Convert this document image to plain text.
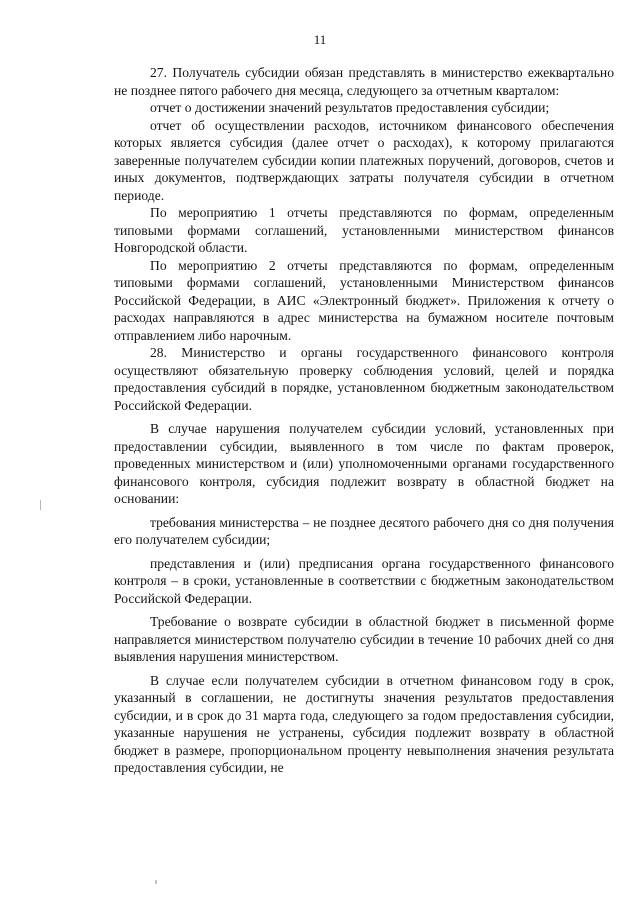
11

27. Получатель субсидии обязан представлять в министерство ежеквартально не позднее пятого рабочего дня месяца, следующего за отчетным кварталом:

отчет о достижении значений результатов предоставления субсидии;

отчет об осуществлении расходов, источником финансового обеспечения которых является субсидия (далее отчет о расходах), к которому прилагаются заверенные получателем субсидии копии платежных поручений, договоров, счетов и иных документов, подтверждающих затраты получателя субсидии в отчетном периоде.

По мероприятию 1 отчеты представляются по формам, определенным типовыми формами соглашений, установленными министерством финансов Новгородской области.

По мероприятию 2 отчеты представляются по формам, определенным типовыми формами соглашений, установленными Министерством финансов Российской Федерации, в АИС «Электронный бюджет». Приложения к отчету о расходах направляются в адрес министерства на бумажном носителе почтовым отправлением либо нарочным.

28. Министерство и органы государственного финансового контроля осуществляют обязательную проверку соблюдения условий, целей и порядка предоставления субсидий в порядке, установленном бюджетным законодательством Российской Федерации.

В случае нарушения получателем субсидии условий, установленных при предоставлении субсидии, выявленного в том числе по фактам проверок, проведенных министерством и (или) уполномоченными органами государственного финансового контроля, субсидия подлежит возврату в областной бюджет на основании:

требования министерства – не позднее десятого рабочего дня со дня получения его получателем субсидии;

представления и (или) предписания органа государственного финансового контроля – в сроки, установленные в соответствии с бюджетным законодательством Российской Федерации.

Требование о возврате субсидии в областной бюджет в письменной форме направляется министерством получателю субсидии в течение 10 рабочих дней со дня выявления нарушения министерством.

В случае если получателем субсидии в отчетном финансовом году в срок, указанный в соглашении, не достигнуты значения результатов предоставления субсидии, и в срок до 31 марта года, следующего за годом предоставления субсидии, указанные нарушения не устранены, субсидия подлежит возврату в областной бюджет в размере, пропорциональном проценту невыполнения значения результата предоставления субсидии, не
